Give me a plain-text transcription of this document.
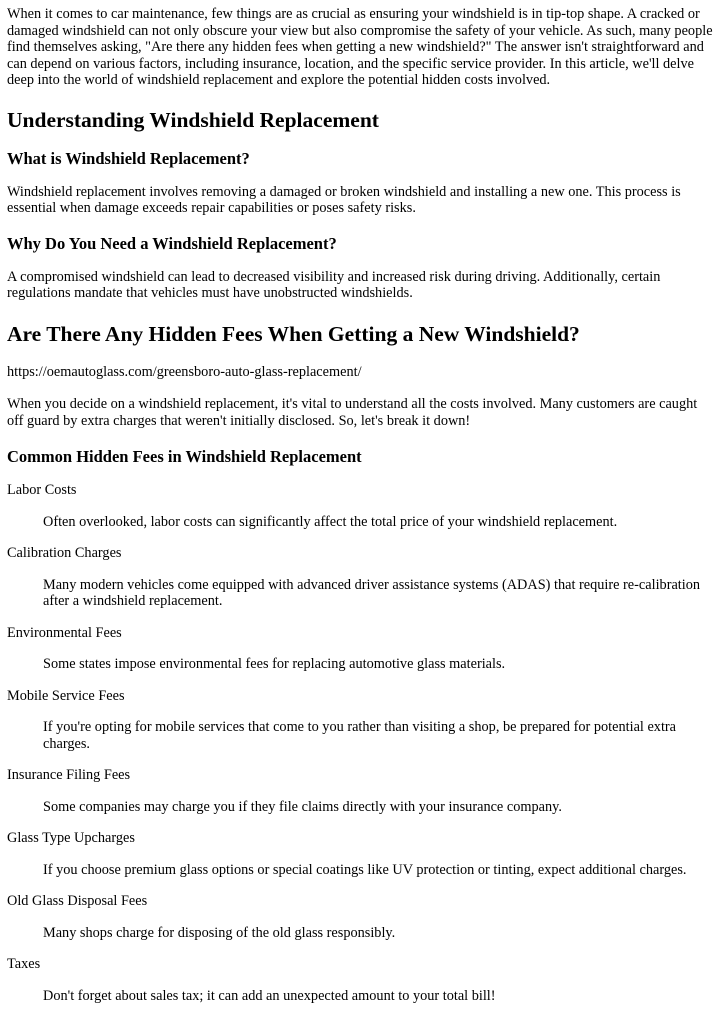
When it comes to car maintenance, few things are as crucial as ensuring your windshield is in tip-top shape. A cracked or damaged windshield can not only obscure your view but also compromise the safety of your vehicle. As such, many people find themselves asking, "Are there any hidden fees when getting a new windshield?" The answer isn't straightforward and can depend on various factors, including insurance, location, and the specific service provider. In this article, we'll delve deep into the world of windshield replacement and explore the potential hidden costs involved.

Understanding Windshield Replacement
What is Windshield Replacement?

Windshield replacement involves removing a damaged or broken windshield and installing a new one. This process is essential when damage exceeds repair capabilities or poses safety risks.

Why Do You Need a Windshield Replacement?

A compromised windshield can lead to decreased visibility and increased risk during driving. Additionally, certain regulations mandate that vehicles must have unobstructed windshields.

Are There Any Hidden Fees When Getting a New Windshield?

https://oemautoglass.com/greensboro-auto-glass-replacement/

When you decide on a windshield replacement, it's vital to understand all the costs involved. Many customers are caught off guard by extra charges that weren't initially disclosed. So, let's break it down!

Common Hidden Fees in Windshield Replacement
Labor Costs
Often overlooked, labor costs can significantly affect the total price of your windshield replacement.
Calibration Charges
Many modern vehicles come equipped with advanced driver assistance systems (ADAS) that require re-calibration after a windshield replacement.
Environmental Fees
Some states impose environmental fees for replacing automotive glass materials.
Mobile Service Fees
If you're opting for mobile services that come to you rather than visiting a shop, be prepared for potential extra charges.
Insurance Filing Fees
Some companies may charge you if they file claims directly with your insurance company.
Glass Type Upcharges
If you choose premium glass options or special coatings like UV protection or tinting, expect additional charges.
Old Glass Disposal Fees
Many shops charge for disposing of the old glass responsibly.
Taxes
Don't forget about sales tax; it can add an unexpected amount to your total bill!
